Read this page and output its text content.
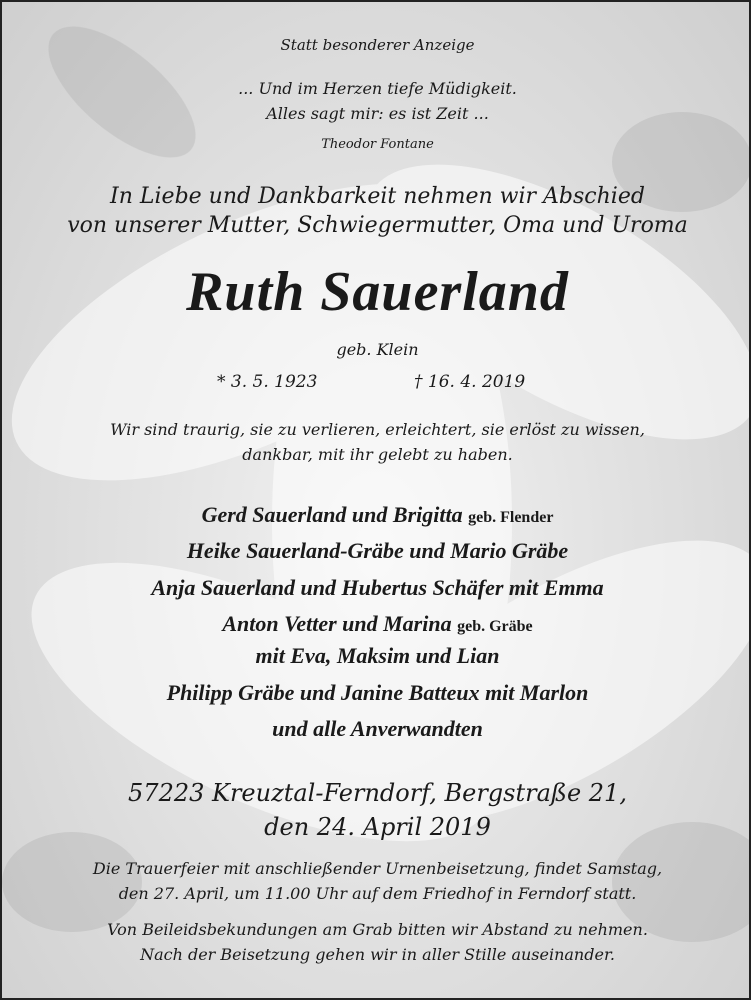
Statt besonderer Anzeige
... Und im Herzen tiefe Müdigkeit.
Alles sagt mir: es ist Zeit ...
Theodor Fontane
In Liebe und Dankbarkeit nehmen wir Abschied
von unserer Mutter, Schwiegermutter, Oma und Uroma
Ruth Sauerland
geb. Klein
* 3. 5. 1923	† 16. 4. 2019
Wir sind traurig, sie zu verlieren, erleichtert, sie erlöst zu wissen,
dankbar, mit ihr gelebt zu haben.
Gerd Sauerland und Brigitta geb. Flender
Heike Sauerland-Gräbe und Mario Gräbe
Anja Sauerland und Hubertus Schäfer mit Emma
Anton Vetter und Marina geb. Gräbe
mit Eva, Maksim und Lian
Philipp Gräbe und Janine Batteux mit Marlon
und alle Anverwandten
57223 Kreuztal-Ferndorf, Bergstraße 21,
den 24. April 2019
Die Trauerfeier mit anschließender Urnenbeisetzung, findet Samstag,
den 27. April, um 11.00 Uhr auf dem Friedhof in Ferndorf statt.
Von Beileidsbekundungen am Grab bitten wir Abstand zu nehmen.
Nach der Beisetzung gehen wir in aller Stille auseinander.
